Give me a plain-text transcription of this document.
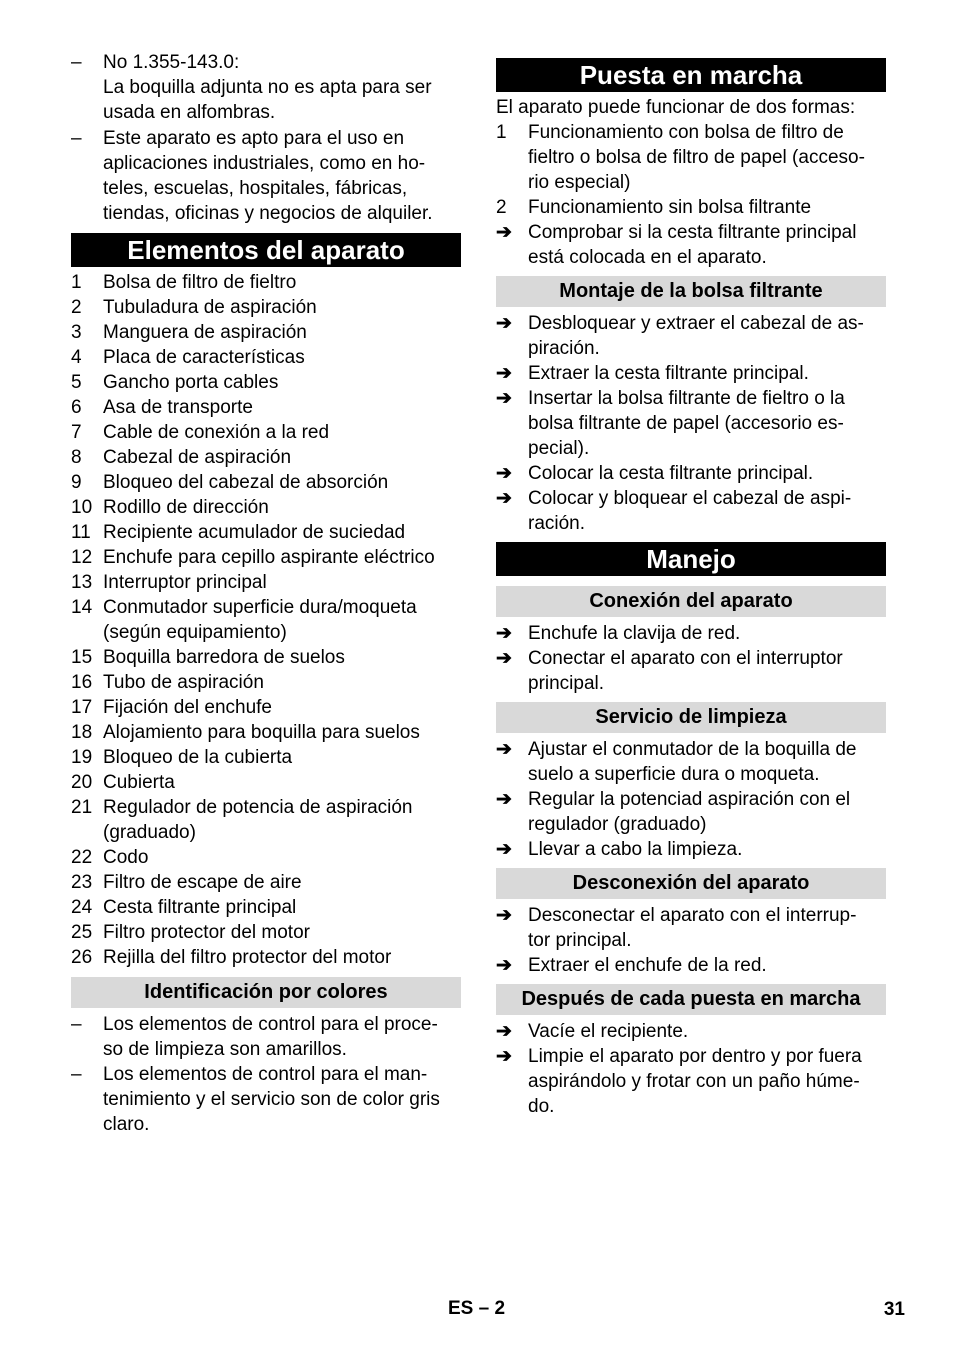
– No 1.355-143.0:
La boquilla adjunta no es apta para ser usada en alfombras.
– Este aparato es apto para el uso en
aplicaciones industriales, como en ho-
teles, escuelas, hospitales, fábricas,
tiendas, oficinas y negocios de alquiler.
Elementos del aparato
1 Bolsa de filtro de fieltro
2 Tubuladura de aspiración
3 Manguera de aspiración
4 Placa de características
5 Gancho porta cables
6 Asa de transporte
7 Cable de conexión a la red
8 Cabezal de aspiración
9 Bloqueo del cabezal de absorción
10 Rodillo de dirección
11 Recipiente acumulador de suciedad
12 Enchufe para cepillo aspirante eléctrico
13 Interruptor principal
14 Conmutador superficie dura/moqueta
(según equipamiento)
15 Boquilla barredora de suelos
16 Tubo de aspiración
17 Fijación del enchufe
18 Alojamiento para boquilla para suelos
19 Bloqueo de la cubierta
20 Cubierta
21 Regulador de potencia de aspiración
(graduado)
22 Codo
23 Filtro de escape de aire
24 Cesta filtrante principal
25 Filtro protector del motor
26 Rejilla del filtro protector del motor
Identificación por colores
– Los elementos de control para el proce-
so de limpieza son amarillos.
– Los elementos de control para el man-
tenimiento y el servicio son de color gris
claro.
Puesta en marcha
El aparato puede funcionar de dos formas:
1 Funcionamiento con bolsa de filtro de
fieltro o bolsa de filtro de papel (acceso-
rio especial)
2 Funcionamiento sin bolsa filtrante
➔ Comprobar si la cesta filtrante principal
está colocada en el aparato.
Montaje de la bolsa filtrante
➔ Desbloquear y extraer el cabezal de as-
piración.
➔ Extraer la cesta filtrante principal.
➔ Insertar la bolsa filtrante de fieltro o la
bolsa filtrante de papel (accesorio es-
pecial).
➔ Colocar la cesta filtrante principal.
➔ Colocar y bloquear el cabezal de aspi-
ración.
Manejo
Conexión del aparato
➔ Enchufe la clavija de red.
➔ Conectar el aparato con el interruptor
principal.
Servicio de limpieza
➔ Ajustar el conmutador de la boquilla de
suelo a superficie dura o moqueta.
➔ Regular la potenciad aspiración con el
regulador (graduado)
➔ Llevar a cabo la limpieza.
Desconexión del aparato
➔ Desconectar el aparato con el interrup-
tor principal.
➔ Extraer el enchufe de la red.
Después de cada puesta en marcha
➔ Vacíe el recipiente.
➔ Limpie el aparato por dentro y por fuera
aspirándolo y frotar con un paño húme-
do.
ES – 2	31
